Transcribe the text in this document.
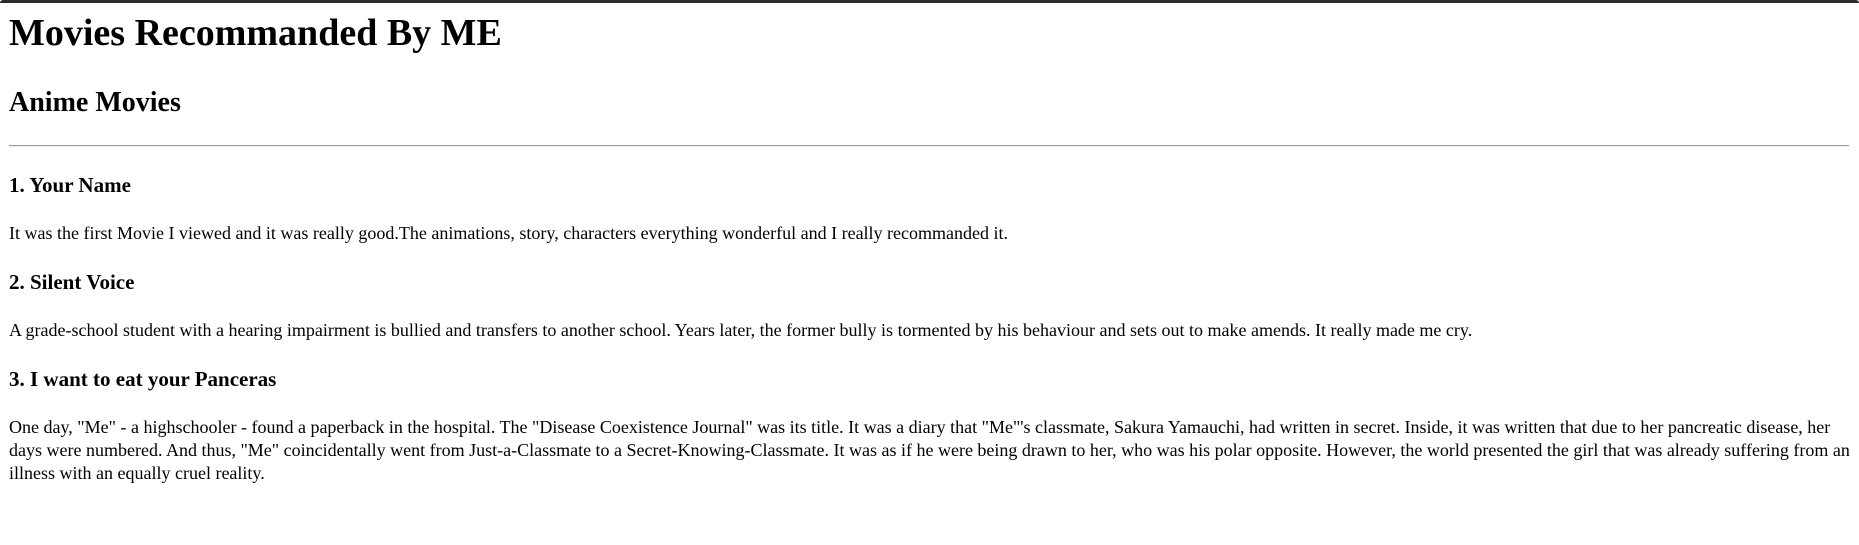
Movies Recommanded By ME
Anime Movies
1. Your Name

It was the first Movie I viewed and it was really good.The animations, story, characters everything wonderful and I really recommanded it.

2. Silent Voice

A grade-school student with a hearing impairment is bullied and transfers to another school. Years later, the former bully is tormented by his behaviour and sets out to make amends. It really made me cry.

3. I want to eat your Panceras

One day, "Me" - a highschooler - found a paperback in the hospital. The "Disease Coexistence Journal" was its title. It was a diary that "Me"'s classmate, Sakura Yamauchi, had written in secret. Inside, it was written that due to her pancreatic disease, her days were numbered. And thus, "Me" coincidentally went from Just-a-Classmate to a Secret-Knowing-Classmate. It was as if he were being drawn to her, who was his polar opposite. However, the world presented the girl that was already suffering from an illness with an equally cruel reality.
